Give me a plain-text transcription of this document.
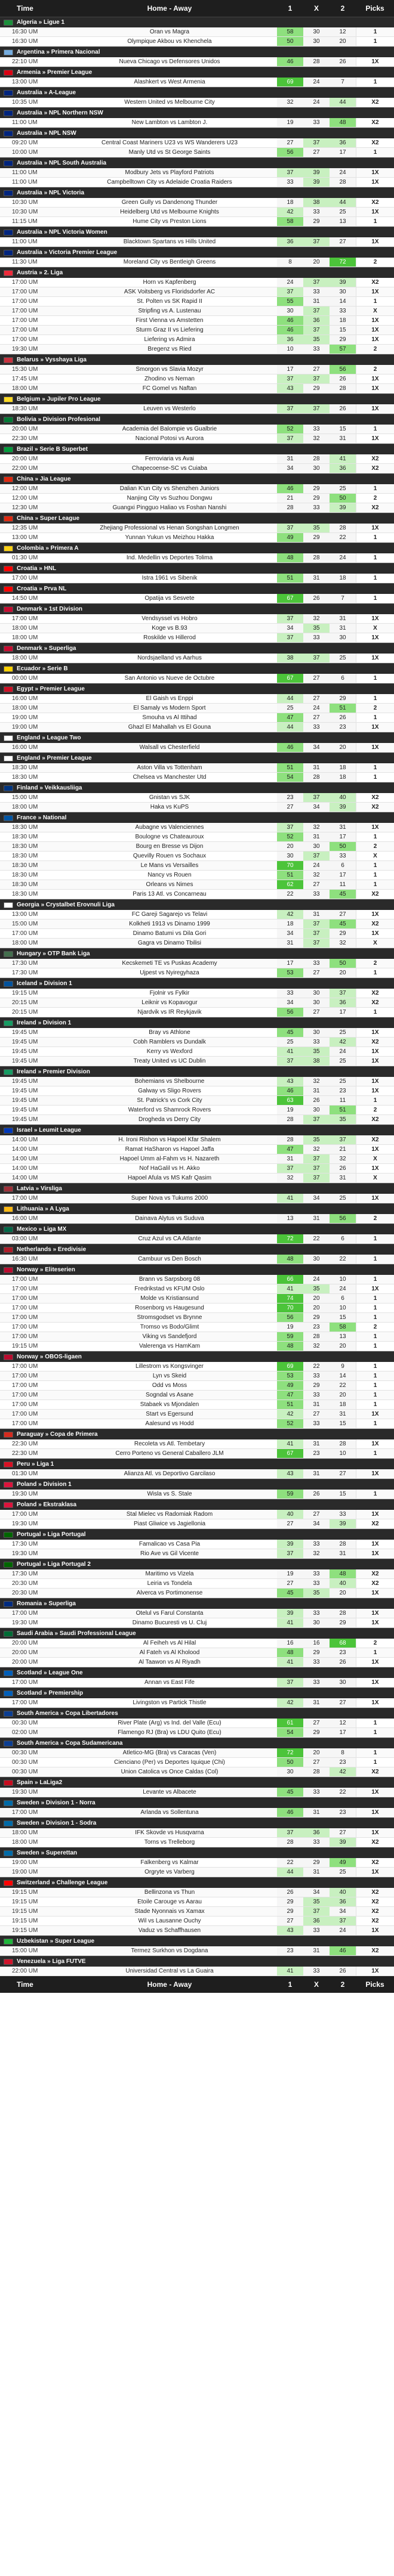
Time	Home - Away	1	X	2	Picks
Algeria » Ligue 1
16:30 UM	Oran vs Magra	58	30	12	1
16:30 UM	Olympique Akbou vs Khenchela	50	30	20	1
Argentina » Primera Nacional
22:10 UM	Nueva Chicago vs Defensores Unidos	46	28	26	1X
Armenia » Premier League
13:00 UM	Alashkert vs West Armenia	69	24	7	1
Australia » A-League
10:35 UM	Western United vs Melbourne City	32	24	44	X2
Australia » NPL Northern NSW
11:00 UM	New Lambton vs Lambton J.	19	33	48	X2
Australia » NPL NSW
09:20 UM	Central Coast Mariners U23 vs WS Wanderers U23	27	37	36	X2
10:00 UM	Manly Utd vs St George Saints	56	27	17	1
Australia » NPL South Australia
11:00 UM	Modbury Jets vs Playford Patriots	37	39	24	1X
11:00 UM	Campbelltown City vs Adelaide Croatia Raiders	33	39	28	1X
Australia » NPL Victoria
10:30 UM	Green Gully vs Dandenong Thunder	18	38	44	X2
10:30 UM	Heidelberg Utd vs Melbourne Knights	42	33	25	1X
11:15 UM	Hume City vs Preston Lions	58	29	13	1
Australia » NPL Victoria Women
11:00 UM	Blacktown Spartans vs Hills United	36	37	27	1X
Australia » Victoria Premier League
11:30 UM	Moreland City vs Bentleigh Greens	8	20	72	2
Austria » 2. Liga
17:00 UM	Horn vs Kapfenberg	24	37	39	X2
17:00 UM	ASK Voitsberg vs Floridsdorfer AC	37	33	30	1X
17:00 UM	St. Polten vs SK Rapid II	55	31	14	1
17:00 UM	Stripfing vs A. Lustenau	30	37	33	X
17:00 UM	First Vienna vs Amstetten	46	36	18	1X
17:00 UM	Sturm Graz II vs Liefering	46	37	15	1X
17:00 UM	Liefering vs Admira	36	35	29	1X
19:30 UM	Bregenz vs Ried	10	33	57	2
Belarus » Vysshaya Liga
15:30 UM	Smorgon vs Slavia Mozyr	17	27	56	2
17:45 UM	Zhodino vs Neman	37	37	26	1X
18:00 UM	FC Gomel vs Naftan	43	29	28	1X
Belgium » Jupiler Pro League
18:30 UM	Leuven vs Westerlo	37	37	26	1X
Bolivia » Division Profesional
20:00 UM	Academia del Balompie vs Gualbrie	52	33	15	1
22:30 UM	Nacional Potosi vs Aurora	37	32	31	1X
Brazil » Serie B Superbet
20:00 UM	Ferroviaria vs Avai	31	28	41	X2
22:00 UM	Chapecoense-SC vs Cuiaba	34	30	36	X2
China » Jia League
12:00 UM	Dalian K'un City vs Shenzhen Juniors	46	29	25	1
12:00 UM	Nanjing City vs Suzhou Dongwu	21	29	50	2
12:30 UM	Guangxi Pingguo Haliao vs Foshan Nanshi	28	33	39	X2
China » Super League
12:35 UM	Zhejiang Professional vs Henan Songshan Longmen	37	35	28	1X
13:00 UM	Yunnan Yukun vs Meizhou Hakka	49	29	22	1
Colombia » Primera A
01:30 UM	Ind. Medellin vs Deportes Tolima	48	28	24	1
Croatia » HNL
17:00 UM	Istra 1961 vs Sibenik	51	31	18	1
Croatia » Prva NL
14:50 UM	Opatija vs Sesvete	67	26	7	1
Denmark » 1st Division
17:00 UM	Vendsyssel vs Hobro	37	32	31	1X
18:00 UM	Koge vs B.93	34	35	31	X
18:00 UM	Roskilde vs Hillerod	37	33	30	1X
Denmark » Superliga
18:00 UM	Nordsjaelland vs Aarhus	38	37	25	1X
Ecuador » Serie B
00:00 UM	San Antonio vs Nueve de Octubre	67	27	6	1
Egypt » Premier League
16:00 UM	El Gaish vs Enppi	44	27	29	1
18:00 UM	El Samaly vs Modern Sport	25	24	51	2
19:00 UM	Smouha vs Al Ittihad	47	27	26	1
19:00 UM	Ghazl El Mahallah vs El Gouna	44	33	23	1X
England » League Two
16:00 UM	Walsall vs Chesterfield	46	34	20	1X
England » Premier League
18:30 UM	Aston Villa vs Tottenham	51	31	18	1
18:30 UM	Chelsea vs Manchester Utd	54	28	18	1
Finland » Veikkausliiga
15:00 UM	Gnistan vs SJK	23	37	40	X2
18:00 UM	Haka vs KuPS	27	34	39	X2
France » National
18:30 UM	Aubagne vs Valenciennes	37	32	31	1X
18:30 UM	Boulogne vs Chateauroux	52	31	17	1
18:30 UM	Bourg en Bresse vs Dijon	20	30	50	2
18:30 UM	Quevilly Rouen vs Sochaux	30	37	33	X
18:30 UM	Le Mans vs Versailles	70	24	6	1
18:30 UM	Nancy vs Rouen	51	32	17	1
18:30 UM	Orleans vs Nimes	62	27	11	1
18:30 UM	Paris 13 Atl. vs Concarneau	22	33	45	X2
Georgia » Crystalbet Erovnuli Liga
13:00 UM	FC Gareji Sagarejo vs Telavi	42	31	27	1X
15:00 UM	Kolkheti 1913 vs Dinamo 1999	18	37	45	X2
17:00 UM	Dinamo Batumi vs Dila Gori	34	37	29	1X
18:00 UM	Gagra vs Dinamo Tbilisi	31	37	32	X
Hungary » OTP Bank Liga
17:30 UM	Kecskemeti TE vs Puskas Academy	17	33	50	2
17:30 UM	Ujpest vs Nyiregyhaza	53	27	20	1
Iceland » Division 1
19:15 UM	Fjolnir vs Fylkir	33	30	37	X2
20:15 UM	Leiknir vs Kopavogur	34	30	36	X2
20:15 UM	Njardvik vs IR Reykjavik	56	27	17	1
Ireland » Division 1
19:45 UM	Bray vs Athlone	45	30	25	1X
19:45 UM	Cobh Ramblers vs Dundalk	25	33	42	X2
19:45 UM	Kerry vs Wexford	41	35	24	1X
19:45 UM	Treaty United vs UC Dublin	37	38	25	1X
Ireland » Premier Division
19:45 UM	Bohemians vs Shelbourne	43	32	25	1X
19:45 UM	Galway vs Sligo Rovers	46	31	23	1X
19:45 UM	St. Patrick's vs Cork City	63	26	11	1
19:45 UM	Waterford vs Shamrock Rovers	19	30	51	2
19:45 UM	Drogheda vs Derry City	28	37	35	X2
Israel » Leumit League
14:00 UM	H. Ironi Rishon vs Hapoel Kfar Shalem	28	35	37	X2
14:00 UM	Ramat HaSharon vs Hapoel Jaffa	47	32	21	1X
14:00 UM	Hapoel Umm al-Fahm vs H. Nazareth	31	37	32	X
14:00 UM	Nof HaGalil vs H. Akko	37	37	26	1X
14:00 UM	Hapoel Afula vs MS Kafr Qasim	32	37	31	X
Latvia » Virsliga
17:00 UM	Super Nova vs Tukums 2000	41	34	25	1X
Lithuania » A Lyga
16:00 UM	Dainava Alytus vs Suduva	13	31	56	2
Mexico » Liga MX
03:00 UM	Cruz Azul vs CA Atlante	72	22	6	1
Netherlands » Eredivisie
16:30 UM	Cambuur vs Den Bosch	48	30	22	1
Norway » Eliteserien
17:00 UM	Brann vs Sarpsborg 08	66	24	10	1
17:00 UM	Fredrikstad vs KFUM Oslo	41	35	24	1X
17:00 UM	Molde vs Kristiansund	74	20	6	1
17:00 UM	Rosenborg vs Haugesund	70	20	10	1
17:00 UM	Stromsgodset vs Brynne	56	29	15	1
17:00 UM	Tromso vs Bodo/Glimt	19	23	58	2
17:00 UM	Viking vs Sandefjord	59	28	13	1
19:15 UM	Valerenga vs HamKam	48	32	20	1
Norway » OBOS-ligaen
17:00 UM	Lillestrom vs Kongsvinger	69	22	9	1
17:00 UM	Lyn vs Skeid	53	33	14	1
17:00 UM	Odd vs Moss	49	29	22	1
17:00 UM	Sogndal vs Asane	47	33	20	1
17:00 UM	Stabaek vs Mjondalen	51	31	18	1
17:00 UM	Start vs Egersund	42	27	31	1X
17:00 UM	Aalesund vs Hodd	52	33	15	1
Paraguay » Copa de Primera
22:30 UM	Recoleta vs Atl. Tembetary	41	31	28	1X
22:30 UM	Cerro Porteno vs General Caballero JLM	67	23	10	1
Peru » Liga 1
01:30 UM	Alianza Atl. vs Deportivo Garcilaso	43	31	27	1X
Poland » Division 1
19:30 UM	Wisla vs S. Stale	59	26	15	1
Poland » Ekstraklasa
17:00 UM	Stal Mielec vs Radomiak Radom	40	27	33	1X
19:30 UM	Piast Gliwice vs Jagiellonia	27	34	39	X2
Portugal » Liga Portugal
17:30 UM	Famalicao vs Casa Pia	39	33	28	1X
19:30 UM	Rio Ave vs Gil Vicente	37	32	31	1X
Portugal » Liga Portugal 2
17:30 UM	Maritimo vs Vizela	19	33	48	X2
20:30 UM	Leiria vs Tondela	27	33	40	X2
20:30 UM	Alverca vs Portimonense	45	35	20	1X
Romania » Superliga
17:00 UM	Otelul vs Farul Constanta	39	33	28	1X
19:30 UM	Dinamo Bucuresti vs U. Cluj	41	30	29	1X
Saudi Arabia » Saudi Professional League
20:00 UM	Al Feiheh vs Al Hilal	16	16	68	2
20:00 UM	Al Fateh vs Al Kholood	48	29	23	1
20:00 UM	Al Taawon vs Al Riyadh	41	33	26	1X
Scotland » League One
17:00 UM	Annan vs East Fife	37	33	30	1X
Scotland » Premiership
17:00 UM	Livingston vs Partick Thistle	42	31	27	1X
South America » Copa Libertadores
00:30 UM	River Plate (Arg) vs Ind. del Valle (Ecu)	61	27	12	1
02:00 UM	Flamengo RJ (Bra) vs LDU Quito (Ecu)	54	29	17	1
South America » Copa Sudamericana
00:30 UM	Atletico-MG (Bra) vs Caracas (Ven)	72	20	8	1
00:30 UM	Cienciano (Per) vs Deportes Iquique (Chi)	50	27	23	1
00:30 UM	Union Catolica vs Once Caldas (Col)	30	28	42	X2
Spain » LaLiga2
19:30 UM	Levante vs Albacete	45	33	22	1X
Sweden » Division 1 - Norra
17:00 UM	Arlanda vs Sollentuna	46	31	23	1X
Sweden » Division 1 - Sodra
18:00 UM	IFK Skovde vs Husqvarna	37	36	27	1X
18:00 UM	Torns vs Trelleborg	28	33	39	X2
Sweden » Superettan
19:00 UM	Falkenberg vs Kalmar	22	29	49	X2
19:00 UM	Orgryte vs Varberg	44	31	25	1X
Switzerland » Challenge League
19:15 UM	Bellinzona vs Thun	26	34	40	X2
19:15 UM	Etoile Carouge vs Aarau	29	35	36	X2
19:15 UM	Stade Nyonnais vs Xamax	29	37	34	X2
19:15 UM	Wil vs Lausanne Ouchy	27	36	37	X2
19:15 UM	Vaduz vs Schaffhausen	43	33	24	1X
Uzbekistan » Super League
15:00 UM	Termez Surkhon vs Dogdana	23	31	46	X2
Venezuela » Liga FUTVE
22:00 UM	Universidad Central vs La Guaira	41	33	26	1X
Time	Home - Away	1	X	2	Picks
